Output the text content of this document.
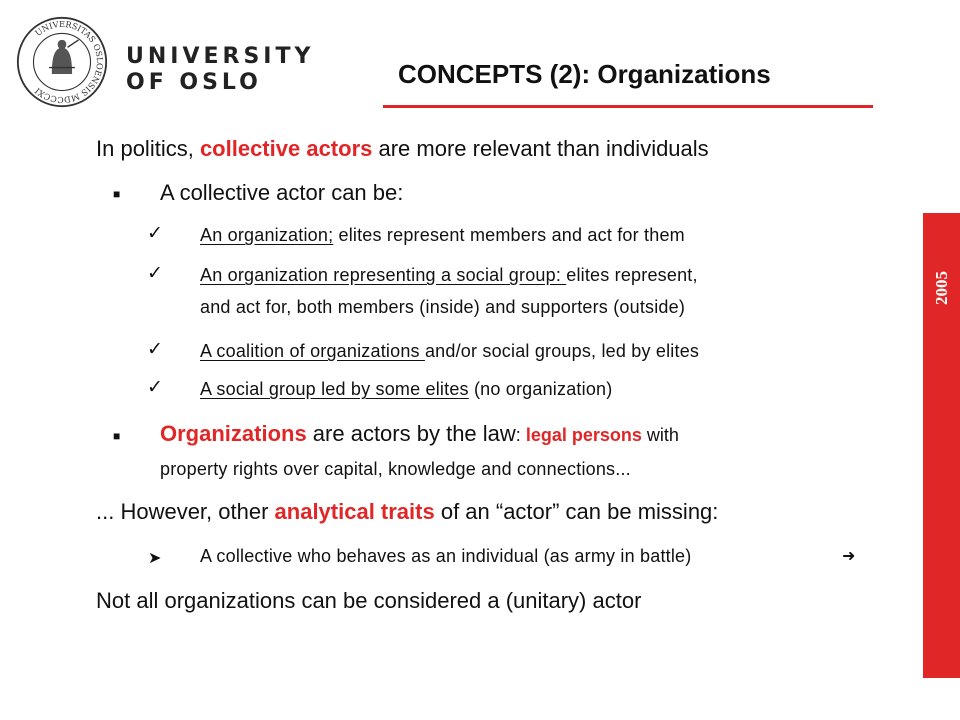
UNIVERSITAS OSLOENSIS MDCCCXI
UNIVERSITY
OF OSLO	CONCEPTS (2): Organizations
2005
In politics, collective actors are more relevant than individuals
■ A collective actor can be:
✓ An organization; elites represent members and act for them
✓ An organization representing a social group: elites represent,
and act for, both members (inside) and supporters (outside)
✓ A coalition of organizations and/or social groups, led by elites
✓ A social group led by some elites (no organization)
■ Organizations are actors by the law: legal persons with
property rights over capital, knowledge and connections...
... However, other analytical traits of an “actor” can be missing:
➤ A collective who behaves as an individual (as army in battle)	➜
Not all organizations can be considered a (unitary) actor
